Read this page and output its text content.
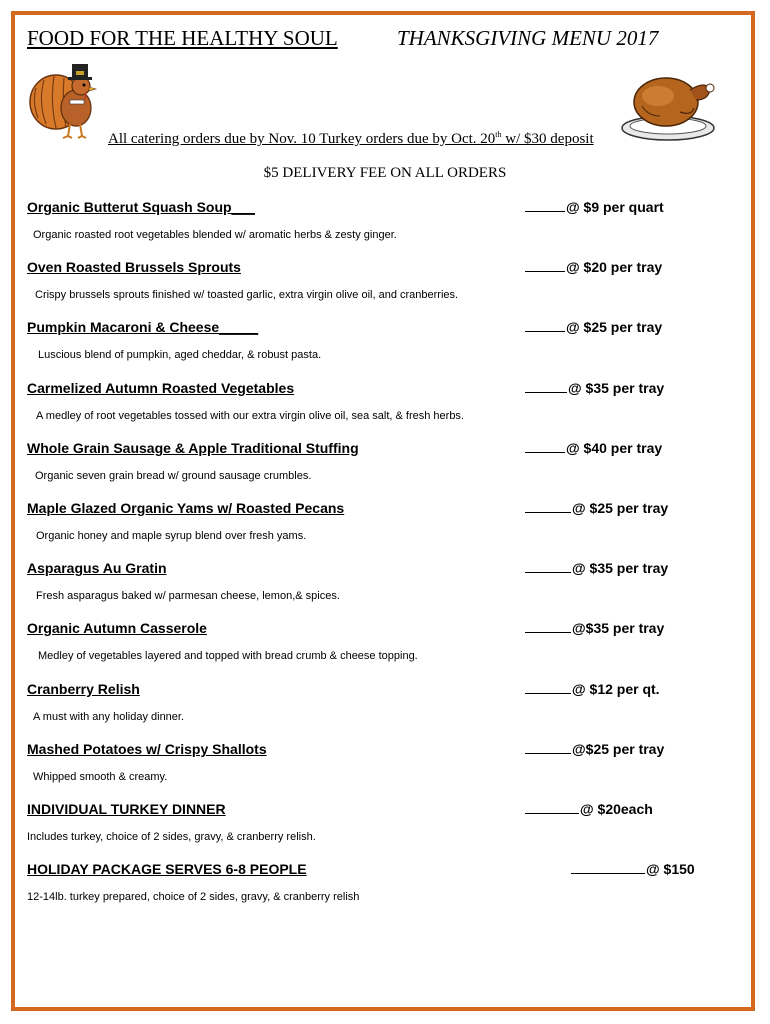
FOOD FOR THE HEALTHY SOUL	THANKSGIVING MENU 2017
All catering orders due by Nov. 10 Turkey orders due by Oct. 20th w/ $30 deposit
$5 DELIVERY FEE ON ALL ORDERS
Organic Butterut Squash Soup___	@ $9 per quart
Organic roasted root vegetables blended w/ aromatic herbs & zesty ginger.
Oven Roasted Brussels Sprouts	@ $20 per tray
Crispy brussels sprouts finished w/ toasted garlic, extra virgin olive oil, and cranberries.
Pumpkin Macaroni & Cheese_____	@ $25 per tray
Luscious blend of pumpkin, aged cheddar, & robust pasta.
Carmelized Autumn Roasted Vegetables	@ $35 per tray
A medley of root vegetables tossed with our extra virgin olive oil, sea salt, & fresh herbs.
Whole Grain Sausage & Apple Traditional Stuffing	@ $40 per tray
Organic seven grain bread w/ ground sausage crumbles.
Maple Glazed Organic Yams w/ Roasted Pecans	@ $25 per tray
Organic honey and maple syrup blend over fresh yams.
Asparagus Au Gratin	@ $35 per tray
Fresh asparagus baked w/ parmesan cheese, lemon,& spices.
Organic Autumn Casserole	@$35 per tray
Medley of vegetables layered and topped with bread crumb & cheese topping.
Cranberry Relish	@ $12 per qt.
A must with any holiday dinner.
Mashed Potatoes w/ Crispy Shallots	@$25 per tray
Whipped smooth & creamy.
INDIVIDUAL TURKEY DINNER	@ $20each
Includes turkey, choice of 2 sides, gravy, & cranberry relish.
HOLIDAY PACKAGE SERVES 6-8 PEOPLE	@ $150
12-14lb. turkey prepared, choice of 2 sides, gravy, & cranberry relish
